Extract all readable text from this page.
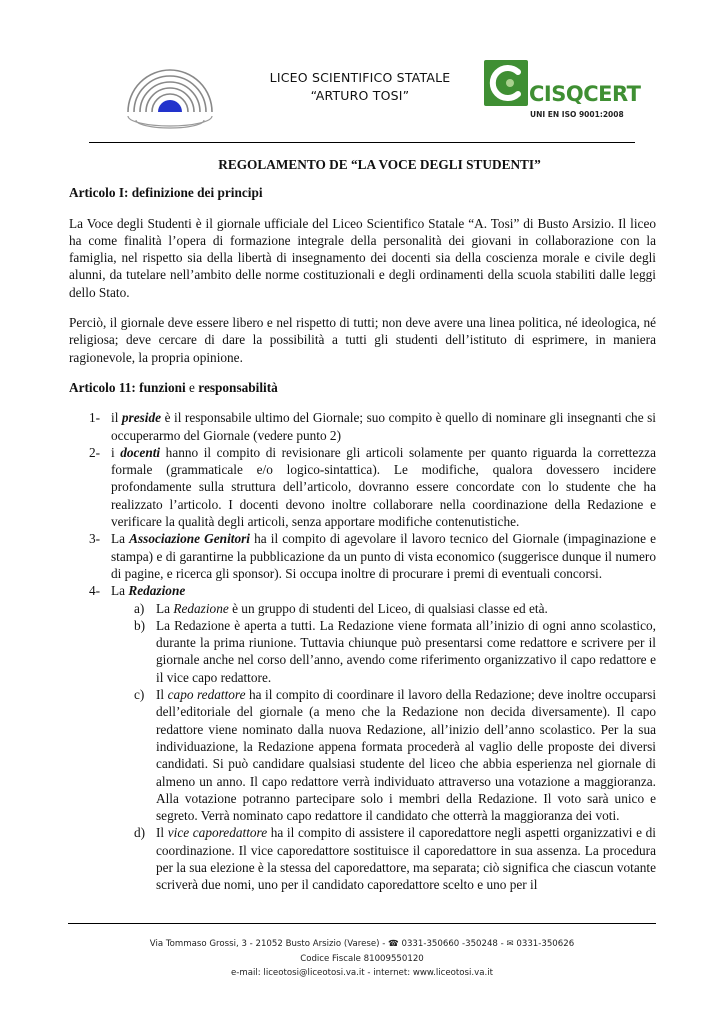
LICEO SCIENTIFICO STATALE
“ARTURO TOSI”	CISQCERT
UNI EN ISO 9001:2008

REGOLAMENTO DE “LA VOCE DEGLI STUDENTI”

Articolo I: definizione dei principi

La Voce degli Studenti è il giornale ufficiale del Liceo Scientifico Statale “A. Tosi” di Busto Arsizio. Il liceo ha come finalità l’opera di formazione integrale della personalità dei giovani in collaborazione con la famiglia, nel rispetto sia della libertà di insegnamento dei docenti sia della coscienza morale e civile degli alunni, da tutelare nell’ambito delle norme costituzionali e degli ordinamenti della scuola stabiliti dalle leggi dello Stato.

Perciò, il giornale deve essere libero e nel rispetto di tutti; non deve avere una linea politica, né ideologica, né religiosa; deve cercare di dare la possibilità a tutti gli studenti dell’istituto di esprimere, in maniera ragionevole, la propria opinione.

Articolo 11: funzioni e responsabilità
1- il preside è il responsabile ultimo del Giornale; suo compito è quello di nominare gli insegnanti che si occuperarmo del Giornale (vedere punto 2)
2- i docenti hanno il compito di revisionare gli articoli solamente per quanto riguarda la correttezza formale (grammaticale e/o logico-sintattica). Le modifiche, qualora dovessero incidere profondamente sulla struttura dell’articolo, dovranno essere concordate con lo studente che ha realizzato l’articolo. I docenti devono inoltre collaborare nella coordinazione della Redazione e verificare la qualità degli articoli, senza apportare modifiche contenutistiche.
3- La Associazione Genitori ha il compito di agevolare il lavoro tecnico del Giornale (impaginazione e stampa) e di garantirne la pubblicazione da un punto di vista economico (suggerisce dunque il numero di pagine, e ricerca gli sponsor). Si occupa inoltre di procurare i premi di eventuali concorsi.
4- La Redazione
a) La Redazione è un gruppo di studenti del Liceo, di qualsiasi classe ed età.
b) La Redazione è aperta a tutti. La Redazione viene formata all’inizio di ogni anno scolastico, durante la prima riunione. Tuttavia chiunque può presentarsi come redattore e scrivere per il giornale anche nel corso dell’anno, avendo come riferimento organizzativo il capo redattore e il vice capo redattore.
c) Il capo redattore ha il compito di coordinare il lavoro della Redazione; deve inoltre occuparsi dell’editoriale del giornale (a meno che la Redazione non decida diversamente). Il capo redattore viene nominato dalla nuova Redazione, all’inizio dell’anno scolastico. Per la sua individuazione, la Redazione appena formata procederà al vaglio delle proposte dei diversi candidati. Si può candidare qualsiasi studente del liceo che abbia esperienza nel giornale di almeno un anno. Il capo redattore verrà individuato attraverso una votazione a maggioranza. Alla votazione potranno partecipare solo i membri della Redazione. Il voto sarà unico e segreto. Verrà nominato capo redattore il candidato che otterrà la maggioranza dei voti.
d) Il vice caporedattore ha il compito di assistere il caporedattore negli aspetti organizzativi e di coordinazione. Il vice caporedattore sostituisce il caporedattore in sua assenza. La procedura per la sua elezione è la stessa del caporedattore, ma separata; ciò significa che ciascun votante scriverà due nomi, uno per il candidato caporedattore scelto e uno per il
Via Tommaso Grossi, 3 - 21052 Busto Arsizio (Varese) - ☎ 0331-350660 -350248 - ✉ 0331-350626
Codice Fiscale 81009550120
e-mail: liceotosi@liceotosi.va.it - internet: www.liceotosi.va.it
